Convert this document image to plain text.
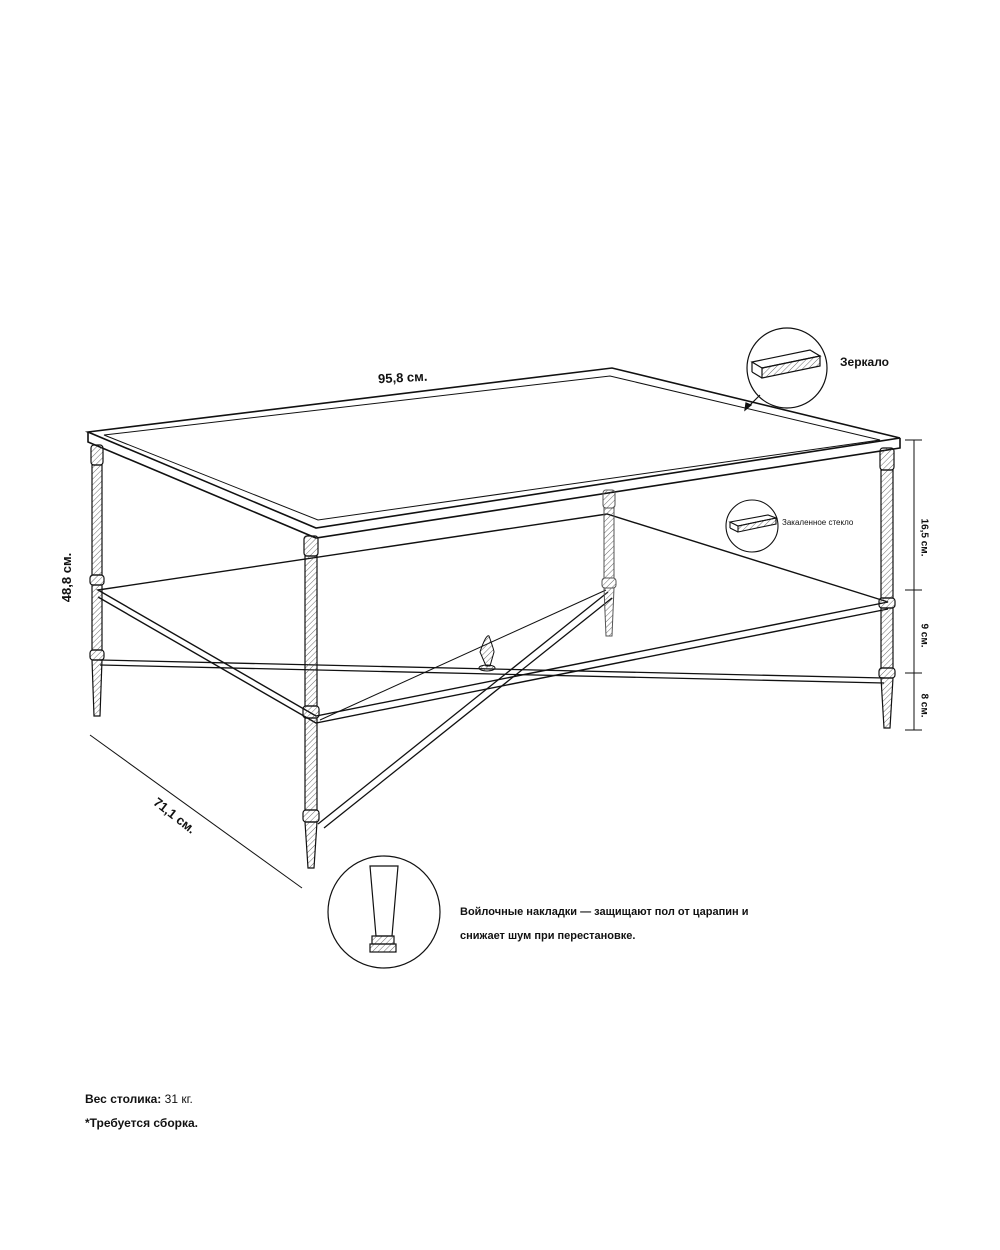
95,8 см.
48,8 см.
71,1 см.
16,5 см.
9 см.
8 см.
Зеркало
Закаленное стекло
Войлочные накладки — защищают пол от царапин и снижает шум при перестановке.
Вес столика: 31 кг.
*Требуется сборка.
